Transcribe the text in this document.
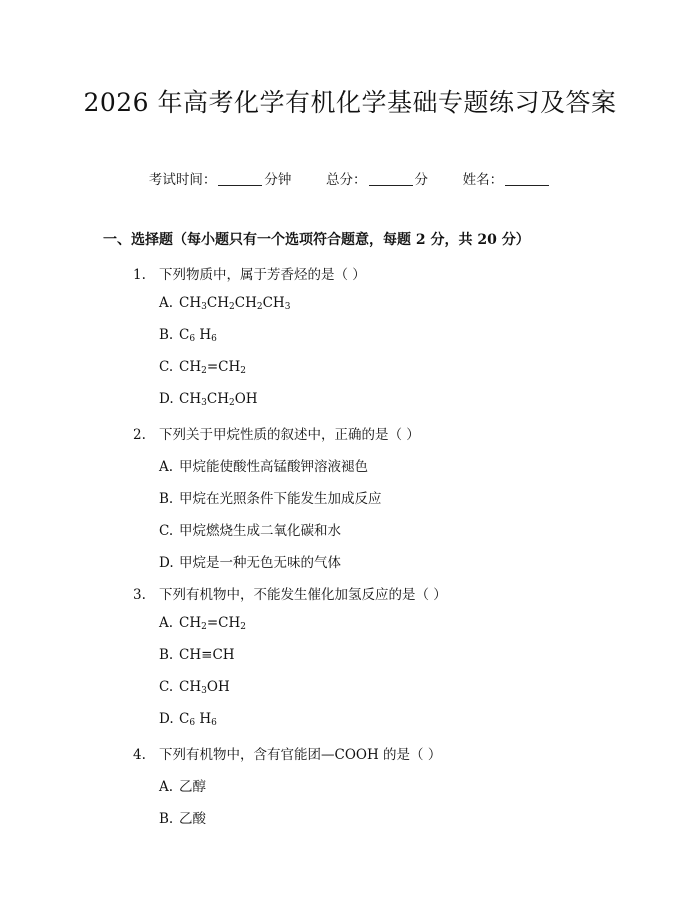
2026 年高考化学有机化学基础专题练习及答案
考试时间：	分钟	总分：	分	姓名：
一、选择题（每小题只有一个选项符合题意，每题 2 分，共 20 分）
1. 下列物质中，属于芳香烃的是（ ）
A. $CH_3CH_2CH_2CH_3$
B. $C_6$ $H_6$
C. $CH_2=CH_2$
D. $CH_3CH_2OH$
2. 下列关于甲烷性质的叙述中，正确的是（ ）
A. 甲烷能使酸性高锰酸钾溶液褪色
B. 甲烷在光照条件下能发生加成反应
C. 甲烷燃烧生成二氧化碳和水
D. 甲烷是一种无色无味的气体
3. 下列有机物中，不能发生催化加氢反应的是（ ）
A. $CH_2=CH_2$
B. CH≡CH
C. $CH_3OH$
D. $C_6$ $H_6$
4. 下列有机物中，含有官能团—COOH 的是（ ）
A. 乙醇
B. 乙酸
